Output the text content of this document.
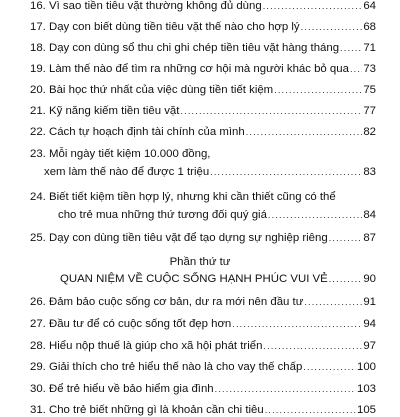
16. Vì sao tiền tiêu vặt thường không đủ dùng .....	64
17. Dạy con biết dùng tiền tiêu vặt thế nào cho hợp lý .....	68
18. Dạy con dùng sổ thu chi ghi chép tiền tiêu vặt hàng tháng ..... 71
19. Làm thế nào để tìm ra những cơ hội mà người khác bỏ qua ..... 73
20. Bài học thứ nhất của việc dùng tiền tiết kiệm .....	75
21. Kỹ năng kiếm tiền tiêu vặt .....	77
22. Cách tự hoạch định tài chính của mình .....	82
23. Mỗi ngày tiết kiệm 10.000 đồng,
xem làm thế nào để được 1 triệu .....	83
24. Biết tiết kiệm tiền hợp lý, nhưng khi cần thiết cũng có thể
cho trẻ mua những thứ tương đối quý giá .....	84
25. Dạy con dùng tiền tiêu vặt để tạo dựng sự nghiệp riêng .....	87
Phần thứ tư
QUAN NIỆM VỀ CUỘC SỐNG HẠNH PHÚC VUI VẺ .....	90
26. Đảm bảo cuộc sống cơ bản, dư ra mới nên đầu tư .....	91
27. Đầu tư để có cuộc sống tốt đẹp hơn .....	94
28. Hiểu nộp thuế là giúp cho xã hội phát triển .....	97
29. Giải thích cho trẻ hiểu thế nào là cho vay thế chấp .....	100
30. Để trẻ hiểu về bảo hiểm gia đình .....	103
31. Cho trẻ biết những gì là khoản cần chi tiêu .....	105
